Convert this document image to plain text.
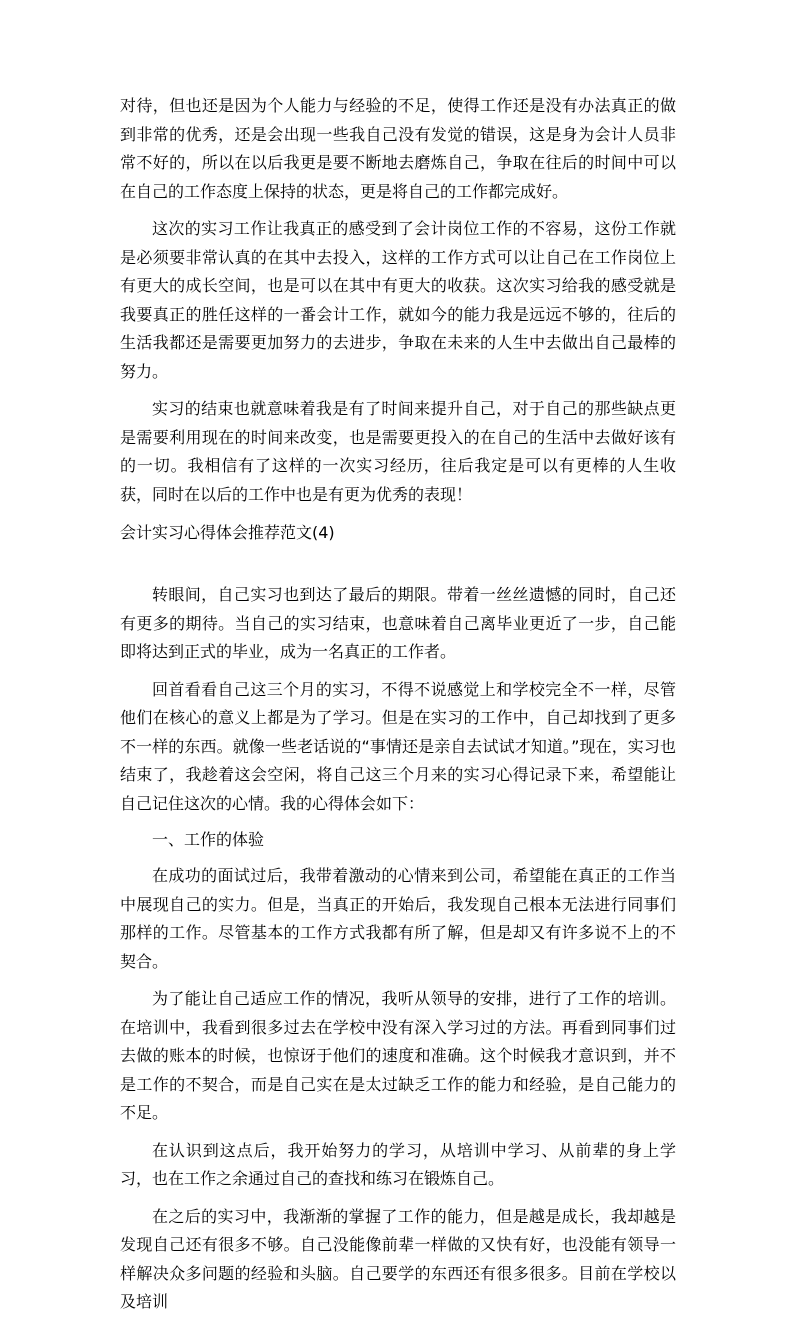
对待，但也还是因为个人能力与经验的不足，使得工作还是没有办法真正的做到非常的优秀，还是会出现一些我自己没有发觉的错误，这是身为会计人员非常不好的，所以在以后我更是要不断地去磨炼自己，争取在往后的时间中可以在自己的工作态度上保持的状态，更是将自己的工作都完成好。

这次的实习工作让我真正的感受到了会计岗位工作的不容易，这份工作就是必须要非常认真的在其中去投入，这样的工作方式可以让自己在工作岗位上有更大的成长空间，也是可以在其中有更大的收获。这次实习给我的感受就是我要真正的胜任这样的一番会计工作，就如今的能力我是远远不够的，往后的生活我都还是需要更加努力的去进步，争取在未来的人生中去做出自己最棒的努力。

实习的结束也就意味着我是有了时间来提升自己，对于自己的那些缺点更是需要利用现在的时间来改变，也是需要更投入的在自己的生活中去做好该有的一切。我相信有了这样的一次实习经历，往后我定是可以有更棒的人生收获，同时在以后的工作中也是有更为优秀的表现！

会计实习心得体会推荐范文(4)

转眼间，自己实习也到达了最后的期限。带着一丝丝遗憾的同时，自己还有更多的期待。当自己的实习结束，也意味着自己离毕业更近了一步，自己能即将达到正式的毕业，成为一名真正的工作者。

回首看看自己这三个月的实习，不得不说感觉上和学校完全不一样，尽管他们在核心的意义上都是为了学习。但是在实习的工作中，自己却找到了更多不一样的东西。就像一些老话说的“事情还是亲自去试试才知道。”现在，实习也结束了，我趁着这会空闲，将自己这三个月来的实习心得记录下来，希望能让自己记住这次的心情。我的心得体会如下：

一、工作的体验

在成功的面试过后，我带着激动的心情来到公司，希望能在真正的工作当中展现自己的实力。但是，当真正的开始后，我发现自己根本无法进行同事们那样的工作。尽管基本的工作方式我都有所了解，但是却又有许多说不上的不契合。

为了能让自己适应工作的情况，我听从领导的安排，进行了工作的培训。在培训中，我看到很多过去在学校中没有深入学习过的方法。再看到同事们过去做的账本的时候，也惊讶于他们的速度和准确。这个时候我才意识到，并不是工作的不契合，而是自己实在是太过缺乏工作的能力和经验，是自己能力的不足。

在认识到这点后，我开始努力的学习，从培训中学习、从前辈的身上学习，也在工作之余通过自己的查找和练习在锻炼自己。

在之后的实习中，我渐渐的掌握了工作的能力，但是越是成长，我却越是发现自己还有很多不够。自己没能像前辈一样做的又快有好，也没能有领导一样解决众多问题的经验和头脑。自己要学的东西还有很多很多。目前在学校以及培训
